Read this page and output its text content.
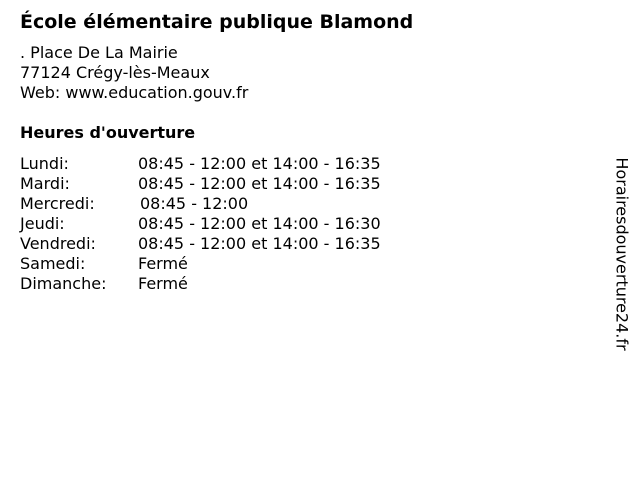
École élémentaire publique Blamond
. Place De La Mairie
77124 Crégy-lès-Meaux
Web: www.education.gouv.fr
Heures d'ouverture
Lundi:	08:45 - 12:00 et 14:00 - 16:35
Mardi:	08:45 - 12:00 et 14:00 - 16:35
Mercredi:	08:45 - 12:00
Jeudi:	08:45 - 12:00 et 14:00 - 16:30
Vendredi:	08:45 - 12:00 et 14:00 - 16:35
Samedi:	Fermé
Dimanche:	Fermé	Horairesdouverture24.fr
